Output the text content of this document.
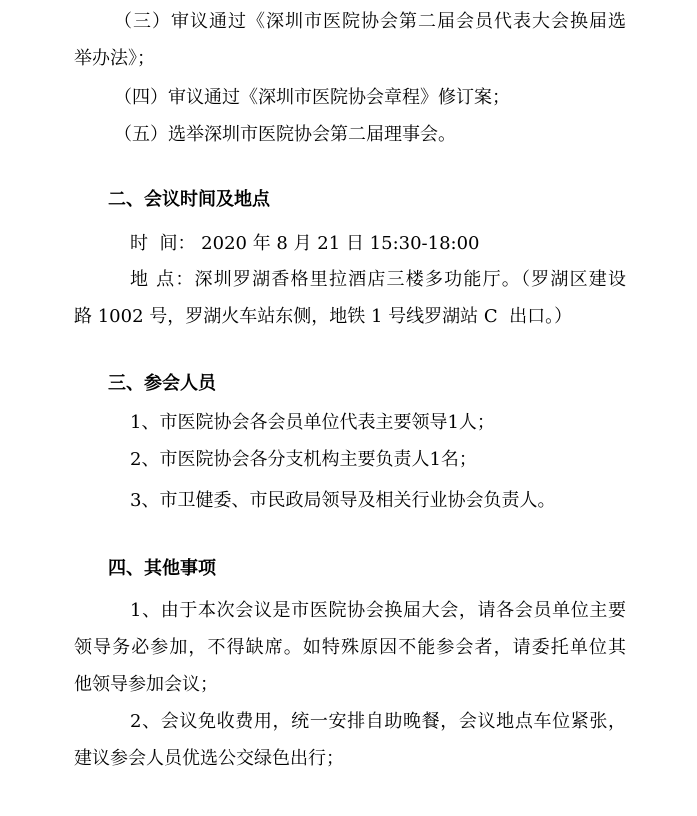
（三）审议通过《深圳市医院协会第二届会员代表大会换届选
举办法》；
（四）审议通过《深圳市医院协会章程》修订案；
（五）选举深圳市医院协会第二届理事会。
二、会议时间及地点
时  间： 2020 年 8 月 21 日 15:30-18:00
地 点：深圳罗湖香格里拉酒店三楼多功能厅。（罗湖区建设
路 1002 号，罗湖火车站东侧，地铁 1 号线罗湖站 C  出口。）
三、参会人员
1、市医院协会各会员单位代表主要领导1人；
2、市医院协会各分支机构主要负责人1名；
3、市卫健委、市民政局领导及相关行业协会负责人。
四、其他事项
1、由于本次会议是市医院协会换届大会，请各会员单位主要
领导务必参加，不得缺席。如特殊原因不能参会者，请委托单位其
他领导参加会议；
2、会议免收费用，统一安排自助晚餐，会议地点车位紧张，
建议参会人员优选公交绿色出行；
